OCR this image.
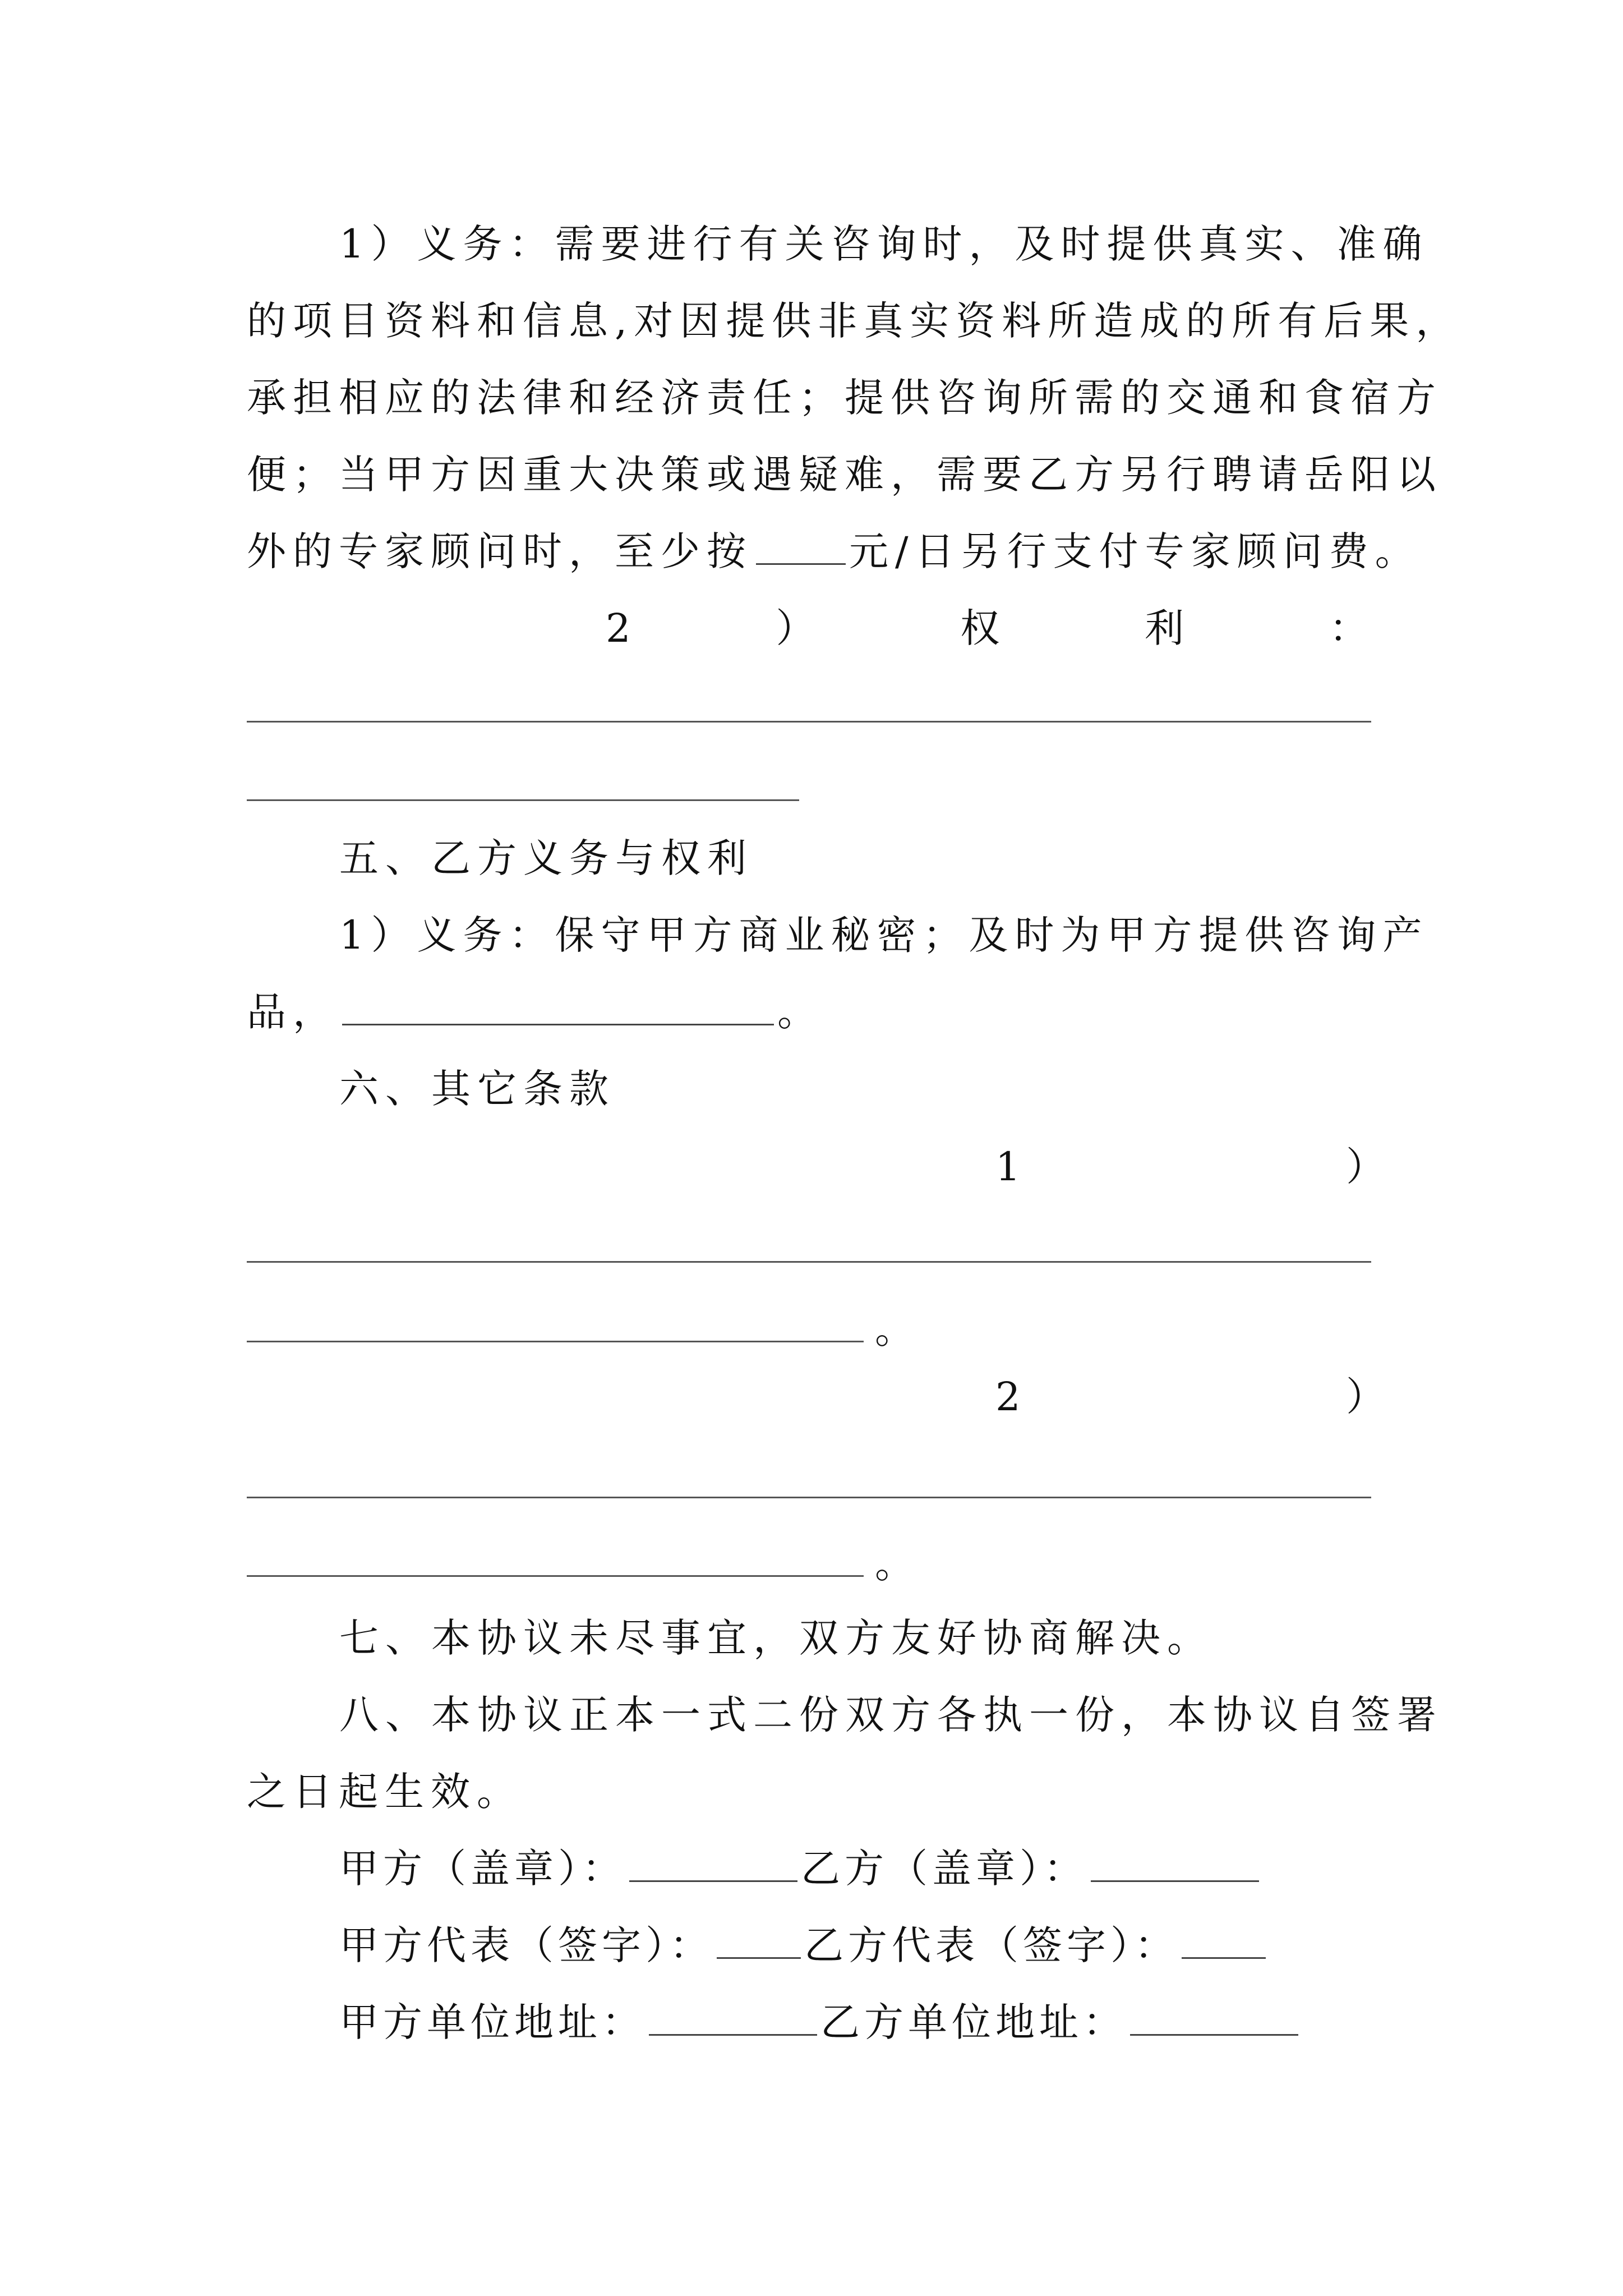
1）义务：需要进行有关咨询时，及时提供真实、准确
的项目资料和信息,对因提供非真实资料所造成的所有后果，
承担相应的法律和经济责任；提供咨询所需的交通和食宿方
便；当甲方因重大决策或遇疑难，需要乙方另行聘请岳阳以
外的专家顾问时，至少按 元/日另行支付专家顾问费。
2	）	权	利	：
五、乙方义务与权利
1）义务：保守甲方商业秘密；及时为甲方提供咨询产
品，	。
六、其它条款
1	）
。
2	）
。
七、本协议未尽事宜，双方友好协商解决。
八、本协议正本一式二份双方各执一份，本协议自签署
之日起生效。
甲方（盖章）：	乙方（盖章）：
甲方代表（签字）： 乙方代表（签字）：
甲方单位地址：	乙方单位地址：
